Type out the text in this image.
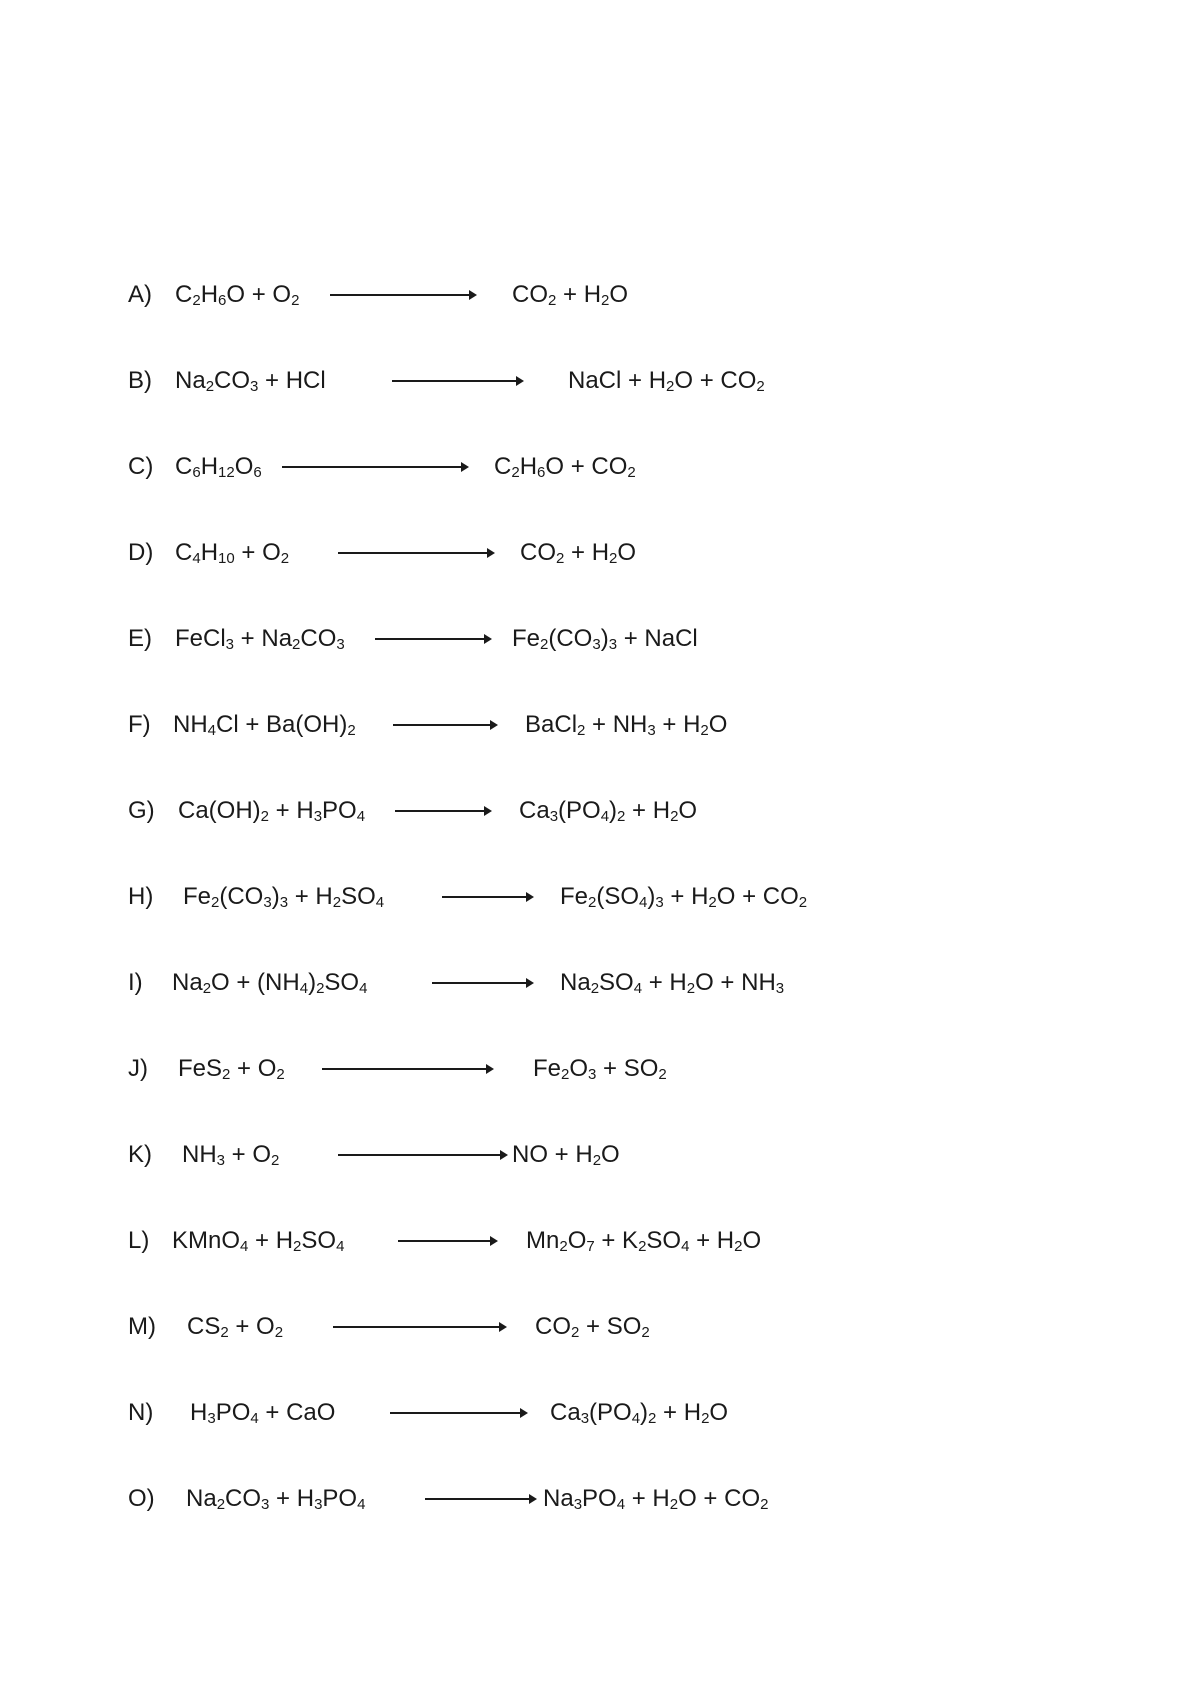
A) $C_2H_6O + O_2$	$CO_2 + H_2O$
B) $Na_2CO_3$ + HCl	NaCl + $H_2O + CO_2$
C) $C_6H_{12}O_6$	$C_2H_6O + CO_2$
D) $C_4H_{10} + O_2$	$CO_2 + H_2O$
E) FeCl$_3$ + $Na_2CO_3$	$Fe_2(CO_3)_3$ + NaCl
F) $NH_4Cl + Ba(OH)_2$	BaCl$_2$ + $NH_3 + H_2O$
G) $Ca(OH)_2 + H_3PO_4$	$Ca_3(PO_4)_2 + H_2O$
H) $Fe_2(CO_3)_3 + H_2SO_4$	$Fe_2(SO_4)_3 + H_2O + CO_2$
I) $Na_2O + (NH_4)_2SO_4$	$Na_2SO_4 + H_2O + NH_3$
J) $FeS_2 + O_2$	$Fe_2O_3 + SO_2$
K) $NH_3 + O_2$	NO + $H_2O$
L) KMnO$_4$ + $H_2SO_4$	$Mn_2O_7 + K_2SO_4 + H_2O$
M) $CS_2 + O_2$	$CO_2 + SO_2$
N) $H_3PO_4$ + CaO	$Ca_3(PO_4)_2 + H_2O$
O) $Na_2CO_3 + H_3PO_4$	$Na_3PO_4 + H_2O + CO_2$
